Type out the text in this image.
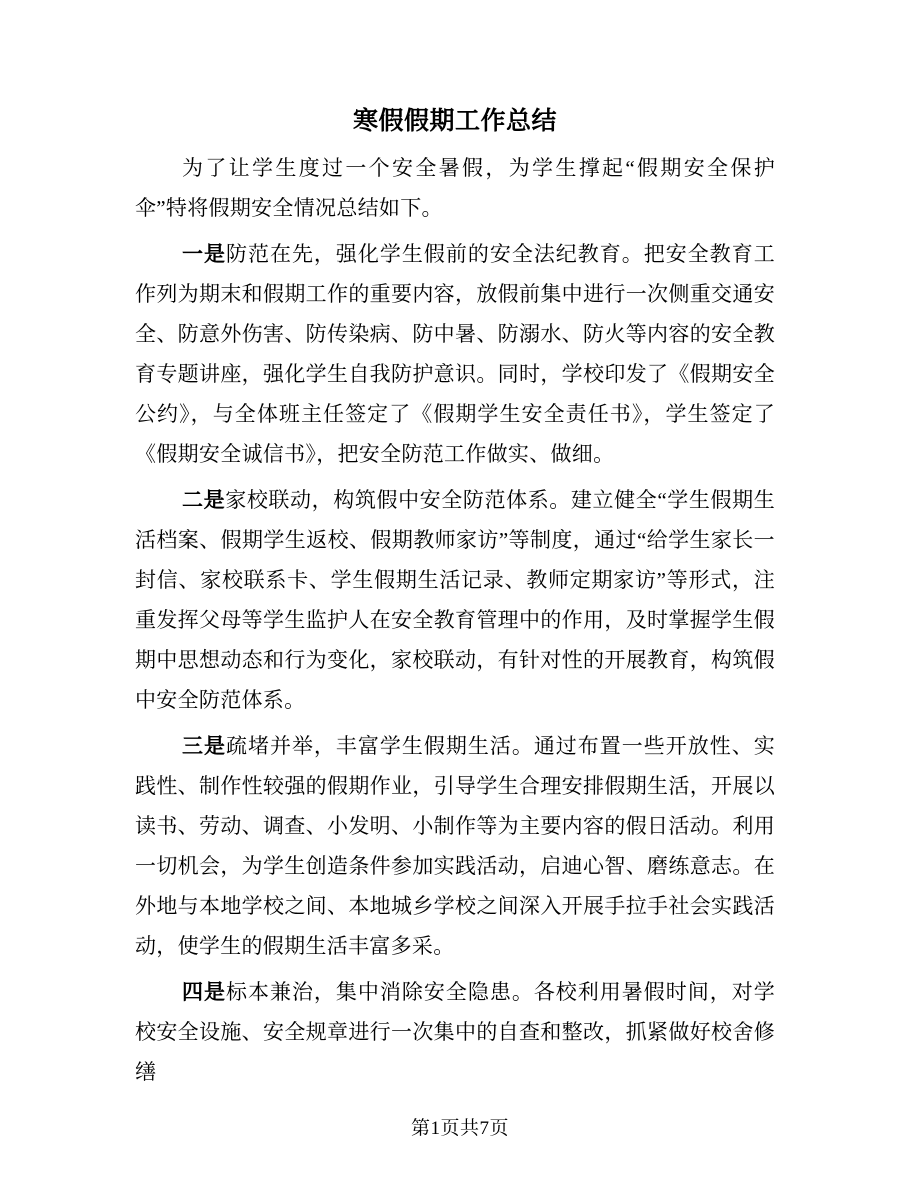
寒假假期工作总结

为了让学生度过一个安全暑假，为学生撑起“假期安全保护伞”特将假期安全情况总结如下。

一是防范在先，强化学生假前的安全法纪教育。把安全教育工作列为期末和假期工作的重要内容，放假前集中进行一次侧重交通安全、防意外伤害、防传染病、防中暑、防溺水、防火等内容的安全教育专题讲座，强化学生自我防护意识。同时，学校印发了《假期安全公约》，与全体班主任签定了《假期学生安全责任书》，学生签定了《假期安全诚信书》，把安全防范工作做实、做细。

二是家校联动，构筑假中安全防范体系。建立健全“学生假期生活档案、假期学生返校、假期教师家访”等制度，通过“给学生家长一封信、家校联系卡、学生假期生活记录、教师定期家访”等形式，注重发挥父母等学生监护人在安全教育管理中的作用，及时掌握学生假期中思想动态和行为变化，家校联动，有针对性的开展教育，构筑假中安全防范体系。

三是疏堵并举，丰富学生假期生活。通过布置一些开放性、实践性、制作性较强的假期作业，引导学生合理安排假期生活，开展以读书、劳动、调查、小发明、小制作等为主要内容的假日活动。利用一切机会，为学生创造条件参加实践活动，启迪心智、磨练意志。在外地与本地学校之间、本地城乡学校之间深入开展手拉手社会实践活动，使学生的假期生活丰富多采。

四是标本兼治，集中消除安全隐患。各校利用暑假时间，对学校安全设施、安全规章进行一次集中的自查和整改，抓紧做好校舍修缮

第1页共7页
